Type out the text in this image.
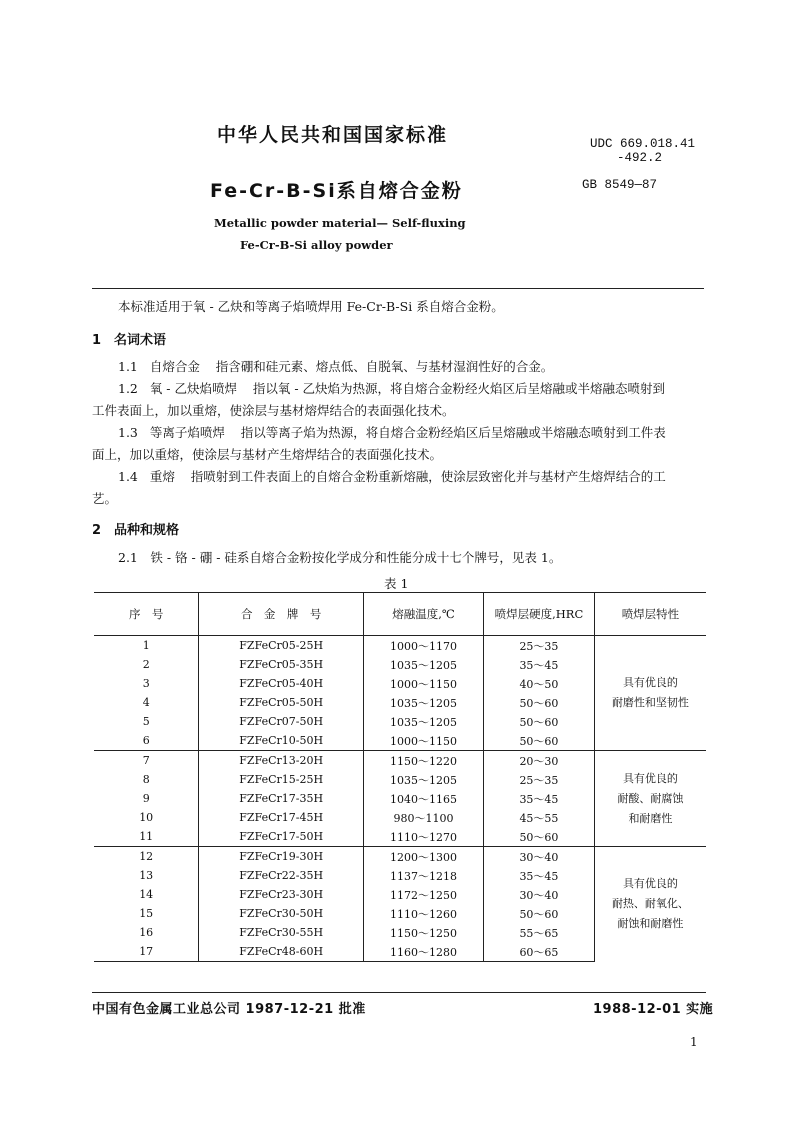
中华人民共和国国家标准	UDC 669.018.41
-492.2
Fe-Cr-B-Si系自熔合金粉	GB 8549—87
Metallic powder material— Self-fluxing
Fe-Cr-B-Si alloy powder
本标准适用于氧 - 乙炔和等离子焰喷焊用 Fe-Cr-B-Si 系自熔合金粉。
1　名词术语
1.1 自熔合金 指含硼和硅元素、熔点低、自脱氧、与基材湿润性好的合金。
1.2 氧 - 乙炔焰喷焊 指以氧 - 乙炔焰为热源，将自熔合金粉经火焰区后呈熔融或半熔融态喷射到
工件表面上，加以重熔，使涂层与基材熔焊结合的表面强化技术。
1.3 等离子焰喷焊 指以等离子焰为热源，将自熔合金粉经焰区后呈熔融或半熔融态喷射到工件表
面上，加以重熔，使涂层与基材产生熔焊结合的表面强化技术。
1.4 重熔 指喷射到工件表面上的自熔合金粉重新熔融，使涂层致密化并与基材产生熔焊结合的工
艺。
2　品种和规格
2.1　铁 - 铬 - 硼 - 硅系自熔合金粉按化学成分和性能分成十七个牌号，见表 1。
表 1
序　号	合　金　牌　号	熔融温度,℃	喷焊层硬度,HRC	喷焊层特性
1	FZFeCr05-25H	1000～1170	25～35	具有优良的
耐磨性和坚韧性

2	FZFeCr05-35H	1035～1205	35～45	
3	FZFeCr05-40H	1000～1150	40～50	
4	FZFeCr05-50H	1035～1205	50～60	
5	FZFeCr07-50H	1035～1205	50～60	
6	FZFeCr10-50H	1000～1150	50～60	
7	FZFeCr13-20H	1150～1220	20～30	具有优良的
耐酸、耐腐蚀
和耐磨性

8	FZFeCr15-25H	1035～1205	25～35	
9	FZFeCr17-35H	1040～1165	35～45	
10	FZFeCr17-45H	980～1100	45～55	
11	FZFeCr17-50H	1110～1270	50～60	
12	FZFeCr19-30H	1200～1300	30～40	具有优良的
耐热、耐氧化、
耐蚀和耐磨性

13	FZFeCr22-35H	1137～1218	35～45	
14	FZFeCr23-30H	1172～1250	30～40	
15	FZFeCr30-50H	1110～1260	50～60	
16	FZFeCr30-55H	1150～1250	55～65	
17	FZFeCr48-60H	1160～1280	60～65	
中国有色金属工业总公司 1987-12-21 批准	1988-12-01 实施
1
